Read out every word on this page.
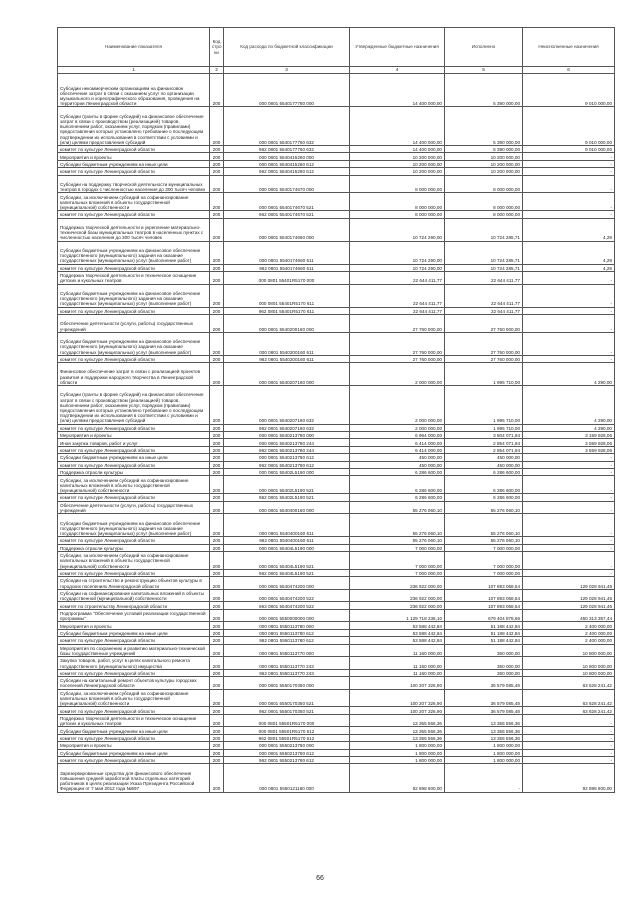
Наименование показателя	Код стро ки	Код расхода по бюджетной классификации	Утвержденные бюджетные назначения	Исполнено	Неисполненные назначения
1	2	3	4	5	6
Субсидии некоммерческим организациям на финансовое обеспечение затрат в связи с оказанием услуг по организации музыкального и хореографического образования, проведения на территории Ленинградской области	200	000 0801 5540177760 000	14 400 000,00	5 390 000,00	9 010 000,00
Субсидии (гранты в форме субсидий) на финансовое обеспечение затрат в связи с производством (реализацией) товаров, выполнением работ, оказанием услуг, порядком (правилами) предоставления которых установлено требование о последующем подтверждении их использования в соответствии с условиями и (или) целями предоставления субсидий	200	000 0801 5540177760 632	14 400 000,00	5 390 000,00	9 010 000,00
комитет по культуре Ленинградской области	200	962 0801 5540177760 632	14 400 000,00	5 390 000,00	9 010 000,00
Мероприятия и проекты	200	000 0801 5540415260 000	10 200 000,00	10 200 000,00	-
Субсидии бюджетным учреждениям на иные цели	200	000 0801 5540415260 612	10 200 000,00	10 200 000,00	-
комитет по культуре Ленинградской области	200	962 0801 5540415260 612	10 200 000,00	10 200 000,00	-
Субсидии на поддержку творческой деятельности муниципальных театров в городах с численностью населения до 300 тысяч человек	200	000 0801 5540174670 000	8 000 000,00	8 000 000,00	-
Субсидии, за исключением субсидий на софинансирование капитальных вложений в объекты государственной (муниципальной) собственности	200	000 0801 5540174670 521	8 000 000,00	8 000 000,00	-
комитет по культуре Ленинградской области	200	962 0801 5540174670 521	8 000 000,00	8 000 000,00	-
Поддержка творческой деятельности и укрепление материально-технической базы муниципальных театров в населенных пунктах с численностью населения до 300 тысяч человек	200	000 0801 5540174660 000	10 724 290,00	10 724 285,71	4,29
Субсидии бюджетным учреждениям на финансовое обеспечение государственного (муниципального) задания на оказание государственных (муниципальных) услуг (выполнение работ)	200	000 0801 5540174660 611	10 724 290,00	10 724 285,71	4,29
комитет по культуре Ленинградской области	200	962 0801 5540174660 611	10 724 290,00	10 724 285,71	4,29
Поддержка творческой деятельности и техническое оснащение детских и кукольных театров	200	000 0801 55401R5170 000	22 644 411,77	22 644 411,77	-
Субсидии бюджетным учреждениям на финансовое обеспечение государственного (муниципального) задания на оказание государственных (муниципальных) услуг (выполнение работ)	200	000 0801 55401R5170 611	22 644 411,77	22 644 411,77	-
комитет по культуре Ленинградской области	200	962 0801 55401R5170 611	22 644 411,77	22 644 411,77	-
Обеспечение деятельности (услуги, работы) государственных учреждений	200	000 0801 5540200160 000	27 760 000,00	27 760 000,00	-
Субсидии бюджетным учреждениям на финансовое обеспечение государственного (муниципального) задания на оказание государственных (муниципальных) услуг (выполнение работ)	200	000 0801 5540200160 611	27 760 000,00	27 760 000,00	-
комитет по культуре Ленинградской области	200	962 0801 5540200160 611	27 760 000,00	27 760 000,00	-
Финансовое обеспечение затрат в связи с реализацией проектов развития и поддержки народного творчества в Ленинградской области	200	000 0801 5540207160 000	2 000 000,00	1 995 710,00	4 290,00
Субсидии (гранты в форме субсидий) на финансовое обеспечение затрат в связи с производством (реализацией) товаров, выполнением работ, оказанием услуг, порядком (правилами) предоставления которых установлено требование о последующем подтверждении их использования в соответствии с условиями и (или) целями предоставления субсидий	200	000 0801 5540207160 632	2 000 000,00	1 995 710,00	4 290,00
комитет по культуре Ленинградской области	200	962 0801 5540207160 632	2 000 000,00	1 995 710,00	4 290,00
Мероприятия и проекты	200	000 0801 5540213780 000	6 964 000,00	3 804 071,94	3 159 928,06
Иная закупка товаров, работ и услуг	200	000 0801 5540213780 244	6 414 000,00	2 854 071,94	3 559 928,06
комитет по культуре Ленинградской области	200	962 0801 5540213780 244	6 414 000,00	2 854 071,94	3 559 928,06
Субсидии бюджетным учреждениям на иные цели	200	000 0801 5540213780 612	450 000,00	450 000,00	-
комитет по культуре Ленинградской области	200	962 0801 5540213780 612	450 000,00	450 000,00	-
Поддержка отрасли культуры	200	000 0801 55402L5190 000	6 286 600,00	6 286 600,00	-
Субсидии, за исключением субсидий на софинансирование капитальных вложений в объекты государственной (муниципальной) собственности	200	000 0801 55402L5190 521	6 286 600,00	6 286 600,00	-
комитет по культуре Ленинградской области	200	962 0801 55402L5190 521	6 286 600,00	6 286 600,00	-
Обеспечение деятельности (услуги, работы) государственных учреждений	200	000 0801 5540400160 000	55 276 060,10	55 276 060,10	-
Субсидии бюджетным учреждениям на финансовое обеспечение государственного (муниципального) задания на оказание государственных (муниципальных) услуг (выполнение работ)	200	000 0801 5540400160 611	55 276 060,10	55 276 060,10	-
комитет по культуре Ленинградской области	200	962 0801 5540400160 611	55 276 060,10	55 276 060,10	-
Поддержка отрасли культуры	200	000 0801 55404L5190 000	7 000 000,00	7 000 000,00	-
Субсидии, за исключением субсидий на софинансирование капитальных вложений в объекты государственной (муниципальной) собственности	200	000 0801 55404L5190 521	7 000 000,00	7 000 000,00	-
комитет по культуре Ленинградской области	200	962 0801 55404L5190 521	7 000 000,00	7 000 000,00	-
Субсидии на строительство и реконструкцию объектов культуры в городских поселениях Ленинградской области	200	000 0801 5540474200 000	236 922 000,00	107 893 058,54	129 028 941,46
Субсидии на софинансирование капитальных вложений в объекты государственной (муниципальной) собственности	200	000 0801 5540474200 522	236 922 000,00	107 893 058,54	129 028 941,46
комитет по строительству Ленинградской области	200	963 0801 5540474200 522	236 922 000,00	107 893 058,54	129 028 941,46
Подпрограмма "Обеспечение условий реализации государственной программы"	200	000 0801 5550000000 000	1 129 718 236,10	679 404 878,66	450 313 357,44
Мероприятия и проекты	200	000 0801 5550113780 000	53 588 442,84	51 188 442,84	2 400 000,00
Субсидии бюджетным учреждениям на иные цели	200	000 0801 5550113780 612	53 588 442,84	51 188 442,84	2 400 000,00
комитет по культуре Ленинградской области	200	962 0801 5550113780 612	53 588 442,84	51 188 442,84	2 400 000,00
Мероприятия по сохранению и развитию материально-технической базы государственных учреждений	200	000 0801 5550113770 000	11 160 000,00	360 000,00	10 800 000,00
Закупка товаров, работ, услуг в целях капитального ремонта государственного (муниципального) имущества	200	000 0801 5550113770 243	11 160 000,00	360 000,00	10 800 000,00
комитет по культуре Ленинградской области	200	962 0801 5550113770 243	11 160 000,00	360 000,00	10 800 000,00
Субсидии на капитальный ремонт объектов культуры городских поселений Ленинградской области	200	000 0801 5550170350 000	100 207 326,90	36 579 085,48	63 628 241,42
Субсидии, за исключением субсидий на софинансирование капитальных вложений в объекты государственной (муниципальной) собственности	200	000 0801 5550170350 521	100 207 326,90	36 579 085,48	63 628 241,42
комитет по культуре Ленинградской области	200	962 0801 5550170350 521	100 207 326,90	36 579 085,48	63 628 241,42
Поддержка творческой деятельности и техническое оснащение детских и кукольных театров	200	000 0801 55501R5170 000	13 355 556,36	13 355 556,36	-
Субсидии бюджетным учреждениям на иные цели	200	000 0801 55501R5170 612	13 355 556,36	13 355 556,36	-
комитет по культуре Ленинградской области	200	962 0801 55501R5170 612	13 355 556,36	13 355 556,36	-
Мероприятия и проекты	200	000 0801 5550213780 000	1 800 000,00	1 800 000,00	-
Субсидии бюджетным учреждениям на иные цели	200	000 0801 5550213780 612	1 800 000,00	1 800 000,00	-
комитет по культуре Ленинградской области	200	962 0801 5550213780 612	1 800 000,00	1 800 000,00	-
Зарезервированные средства для финансового обеспечения повышения средней заработной платы отдельных категорий работников в целях реализации Указа Президента Российской Федерации от 7 мая 2012 года №597	200	000 0801 5550121160 000	92 898 600,00	-	92 898 600,00
66
